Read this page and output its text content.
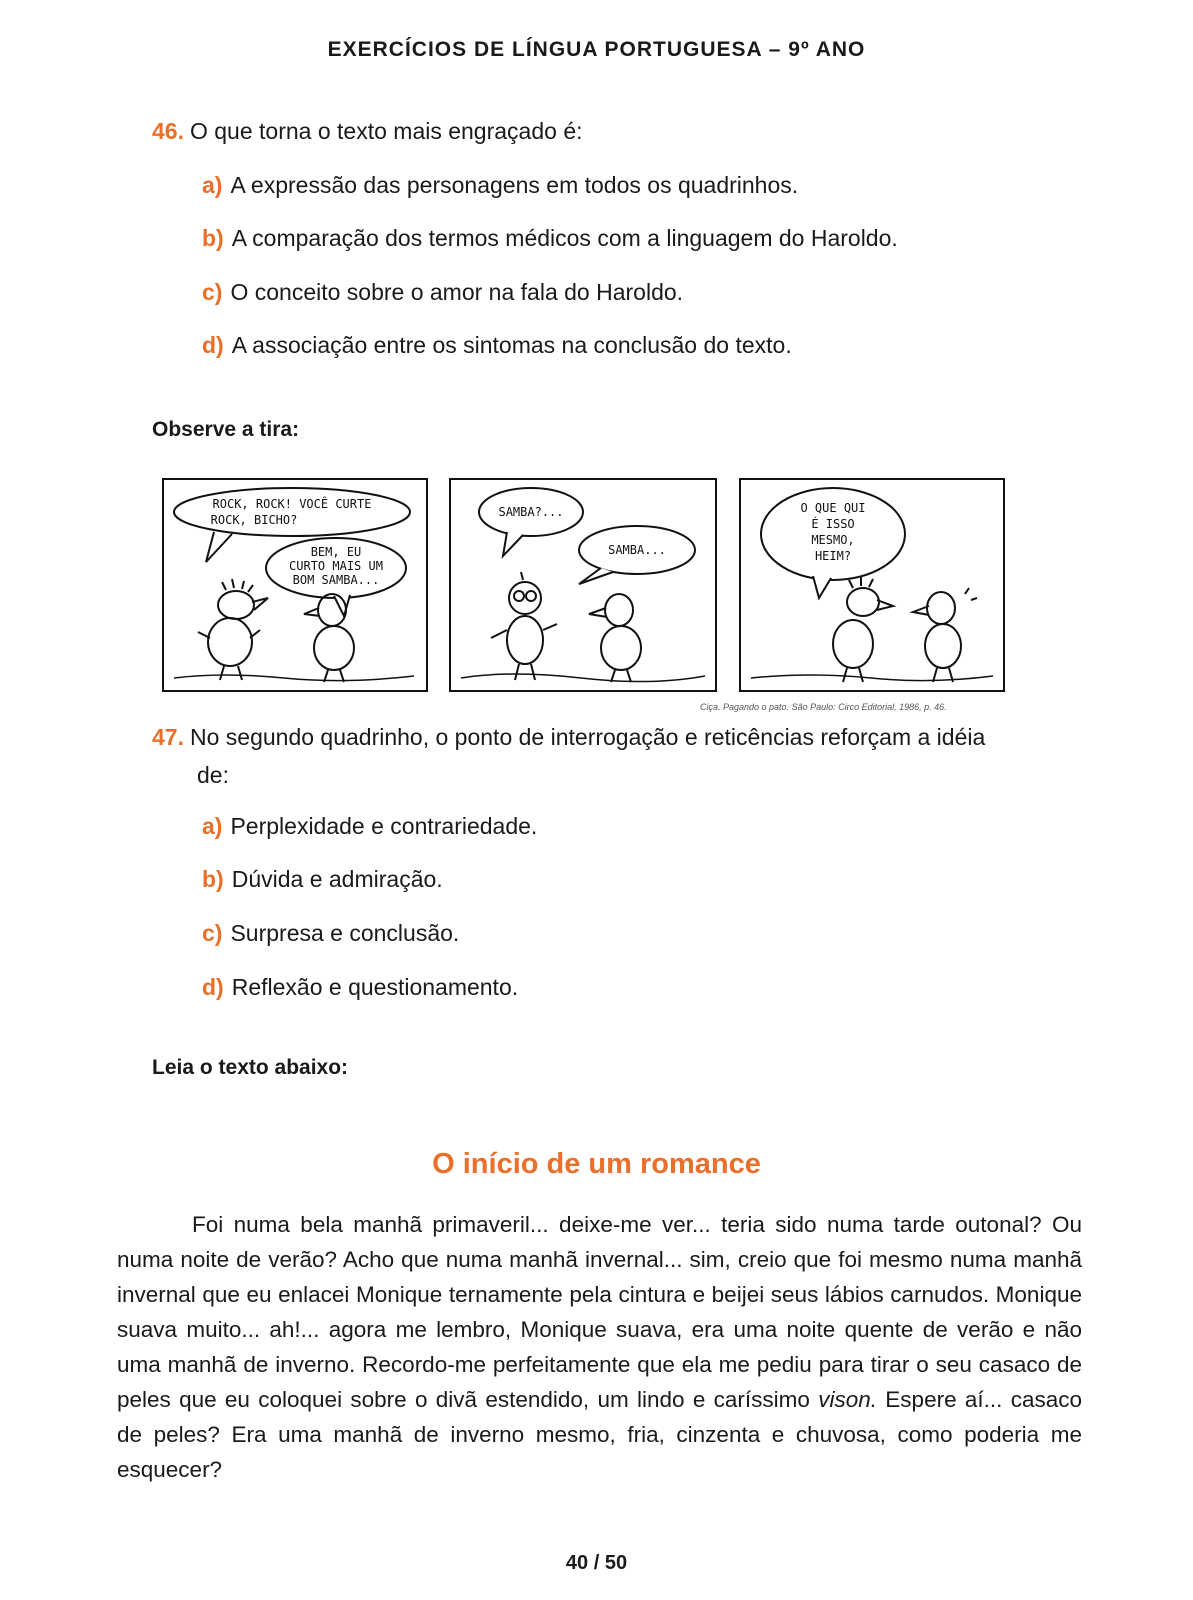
EXERCÍCIOS DE LÍNGUA PORTUGUESA – 9º ANO
46. O que torna o texto mais engraçado é:
a) A expressão das personagens em todos os quadrinhos.
b) A comparação dos termos médicos com a linguagem do Haroldo.
c) O conceito sobre o amor na fala do Haroldo.
d) A associação entre os sintomas na conclusão do texto.
Observe a tira:
ROCK, ROCK! VOCÊ CURTE
ROCK, BICHO?
BEM, EU
CURTO MAIS UM
BOM SAMBA...
SAMBA?...
SAMBA...
O QUE QUI
É ISSO
MESMO,
HEIM?
Ciça. Pagando o pato. São Paulo: Circo Editorial, 1986, p. 46.
47. No segundo quadrinho, o ponto de interrogação e reticências reforçam a idéia
de:
a) Perplexidade e contrariedade.
b) Dúvida e admiração.
c) Surpresa e conclusão.
d) Reflexão e questionamento.
Leia o texto abaixo:
O início de um romance
Foi numa bela manhã primaveril... deixe-me ver... teria sido numa tarde outonal? Ou numa noite de verão? Acho que numa manhã invernal... sim, creio que foi mesmo numa manhã invernal que eu enlacei Monique ternamente pela cintura e beijei seus lábios carnudos. Monique suava muito... ah!... agora me lembro, Monique suava, era uma noite quente de verão e não uma manhã de inverno. Recordo-me perfeitamente que ela me pediu para tirar o seu casaco de peles que eu coloquei sobre o divã estendido, um lindo e caríssimo vison. Espere aí... casaco de peles? Era uma manhã de inverno mesmo, fria, cinzenta e chuvosa, como poderia me esquecer?
40 / 50
